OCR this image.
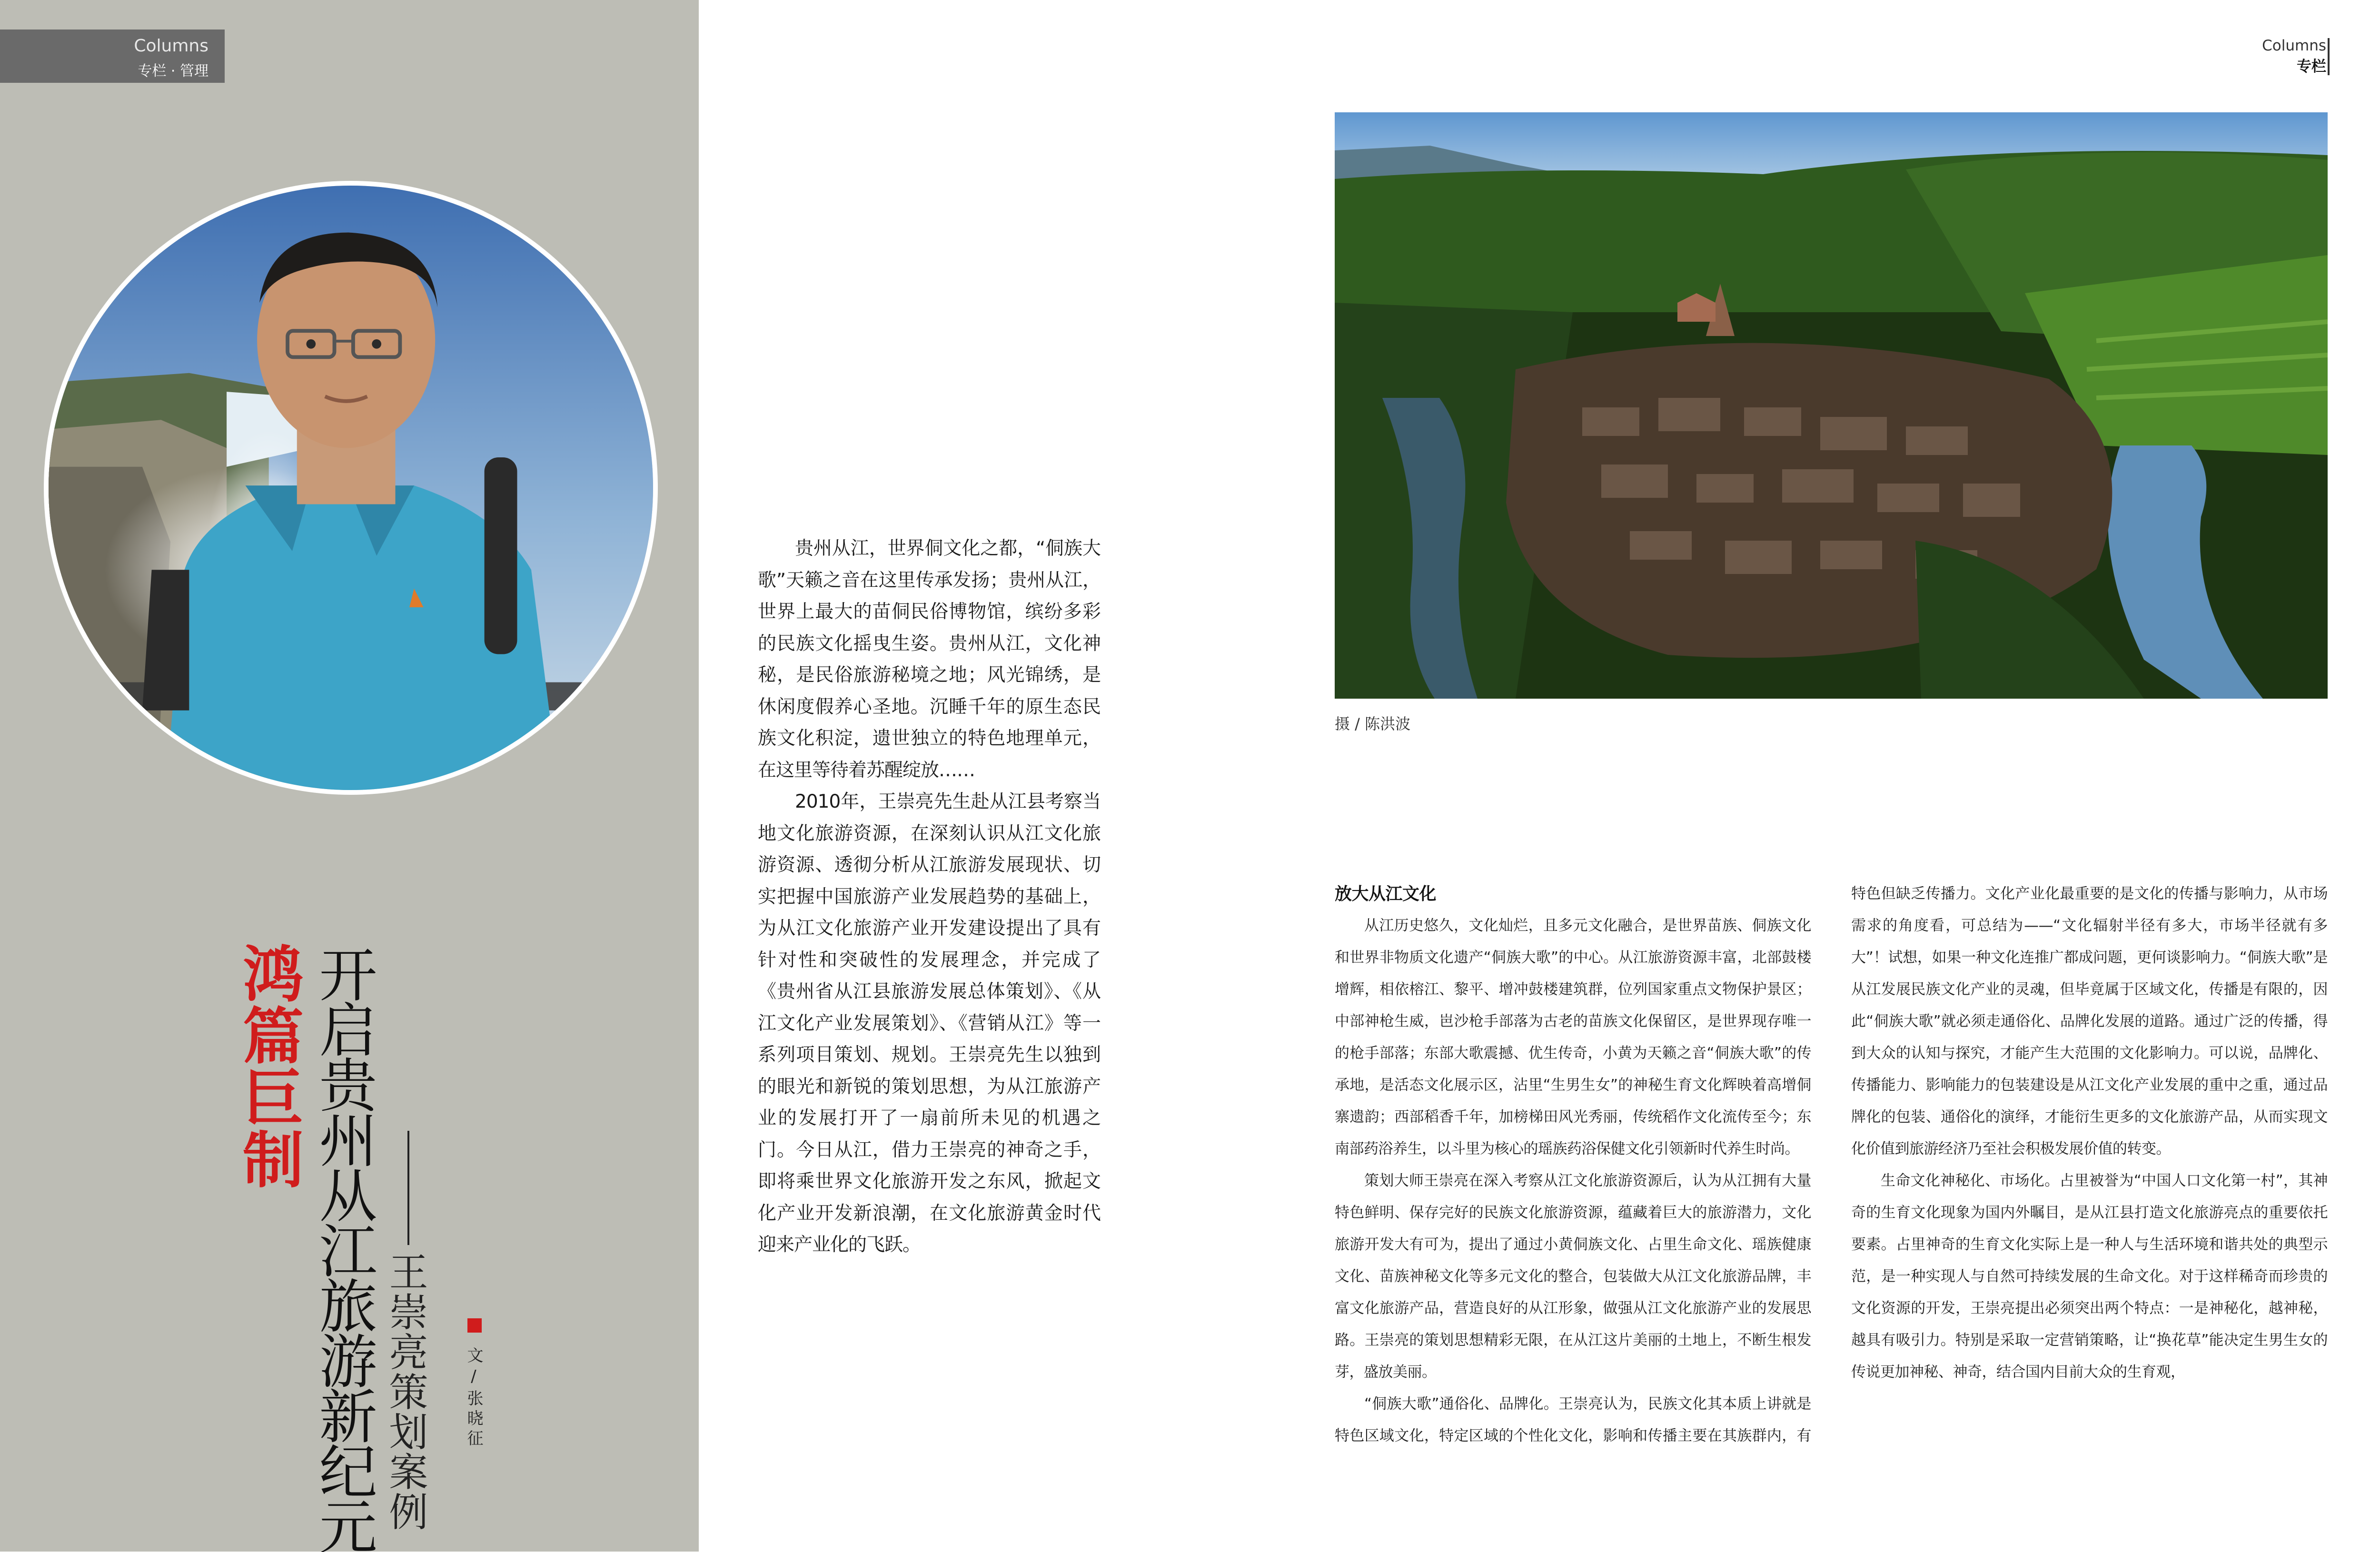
Columns
专栏 · 管理
鸿篇巨制 开启贵州从江旅游新纪元 王崇亮策划案例 文/张晓征

贵州从江，世界侗文化之都，“侗族大歌”天籁之音在这里传承发扬；贵州从江，世界上最大的苗侗民俗博物馆，缤纷多彩的民族文化摇曳生姿。贵州从江，文化神秘，是民俗旅游秘境之地；风光锦绣，是休闲度假养心圣地。沉睡千年的原生态民族文化积淀，遗世独立的特色地理单元，在这里等待着苏醒绽放……

2010年，王崇亮先生赴从江县考察当地文化旅游资源，在深刻认识从江文化旅游资源、透彻分析从江旅游发展现状、切实把握中国旅游产业发展趋势的基础上，为从江文化旅游产业开发建设提出了具有针对性和突破性的发展理念，并完成了《贵州省从江县旅游发展总体策划》、《从江文化产业发展策划》、《营销从江》等一系列项目策划、规划。王崇亮先生以独到的眼光和新锐的策划思想，为从江旅游产业的发展打开了一扇前所未见的机遇之门。今日从江，借力王崇亮的神奇之手，即将乘世界文化旅游开发之东风，掀起文化产业开发新浪潮，在文化旅游黄金时代迎来产业化的飞跃。

Columns
专栏
摄 / 陈洪波
放大从江文化

从江历史悠久，文化灿烂，且多元文化融合，是世界苗族、侗族文化和世界非物质文化遗产“侗族大歌”的中心。从江旅游资源丰富，北部鼓楼增辉，相依榕江、黎平、增冲鼓楼建筑群，位列国家重点文物保护景区；中部神枪生威，岜沙枪手部落为古老的苗族文化保留区，是世界现存唯一的枪手部落；东部大歌震撼、优生传奇，小黄为天籁之音“侗族大歌”的传承地，是活态文化展示区，沾里“生男生女”的神秘生育文化辉映着高增侗寨遗韵；西部稻香千年，加榜梯田风光秀丽，传统稻作文化流传至今；东南部药浴养生，以斗里为核心的瑶族药浴保健文化引领新时代养生时尚。

策划大师王崇亮在深入考察从江文化旅游资源后，认为从江拥有大量特色鲜明、保存完好的民族文化旅游资源，蕴藏着巨大的旅游潜力，文化旅游开发大有可为，提出了通过小黄侗族文化、占里生命文化、瑶族健康文化、苗族神秘文化等多元文化的整合，包装做大从江文化旅游品牌，丰富文化旅游产品，营造良好的从江形象，做强从江文化旅游产业的发展思路。王崇亮的策划思想精彩无限，在从江这片美丽的土地上，不断生根发芽，盛放美丽。

“侗族大歌”通俗化、品牌化。王崇亮认为，民族文化其本质上讲就是特色区域文化，特定区域的个性化文化，影响和传播主要在其族群内，有特色但缺乏传播力。文化产业化最重要的是文化的传播与影响力，从市场需求的角度看，可总结为——“文化辐射半径有多大，市场半径就有多大”！试想，如果一种文化连推广都成问题，更何谈影响力。“侗族大歌”是从江发展民族文化产业的灵魂，但毕竟属于区域文化，传播是有限的，因此“侗族大歌”就必须走通俗化、品牌化发展的道路。通过广泛的传播，得到大众的认知与探究，才能产生大范围的文化影响力。可以说，品牌化、传播能力、影响能力的包装建设是从江文化产业发展的重中之重，通过品牌化的包装、通俗化的演绎，才能衍生更多的文化旅游产品，从而实现文化价值到旅游经济乃至社会积极发展价值的转变。

生命文化神秘化、市场化。占里被誉为“中国人口文化第一村”，其神奇的生育文化现象为国内外瞩目，是从江县打造文化旅游亮点的重要依托要素。占里神奇的生育文化实际上是一种人与生活环境和谐共处的典型示范，是一种实现人与自然可持续发展的生命文化。对于这样稀奇而珍贵的文化资源的开发，王崇亮提出必须突出两个特点：一是神秘化，越神秘，越具有吸引力。特别是采取一定营销策略，让“换花草”能决定生男生女的传说更加神秘、神奇，结合国内目前大众的生育观，
